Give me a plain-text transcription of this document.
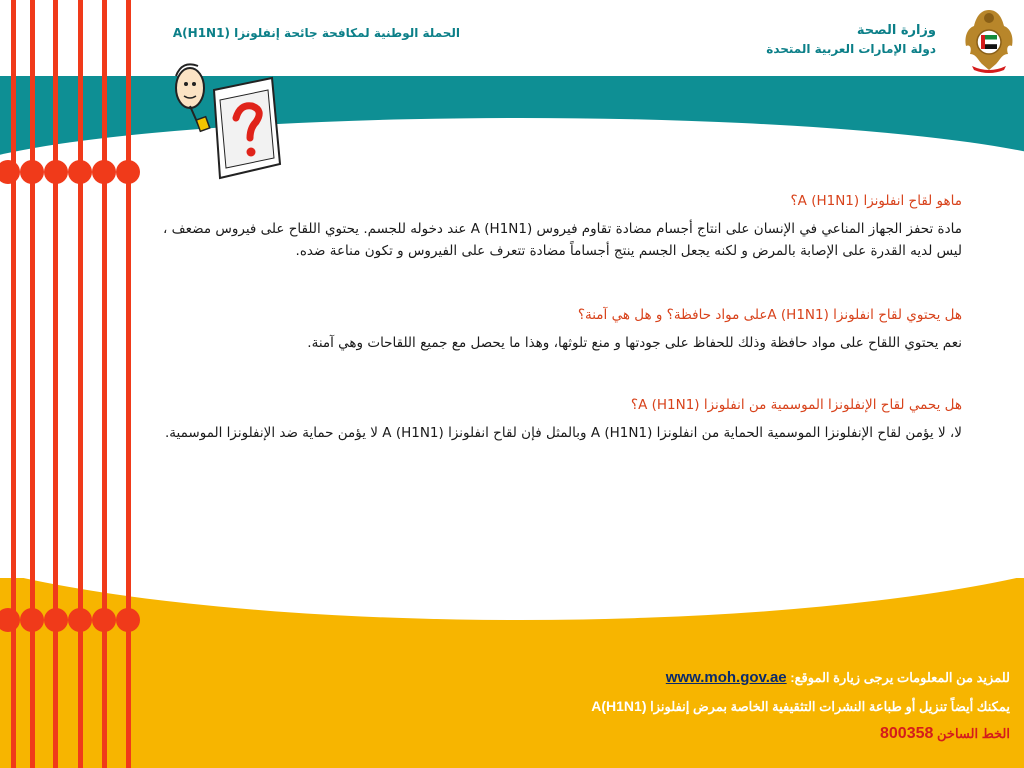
الحملة الوطنية لمكافحة جائحة إنفلونزا A(H1N1)	وزارة الصحة
دولة الإمارات العربية المتحدة

ماهو لقاح انفلونزا A (H1N1)؟

مادة تحفز الجهاز المناعي في الإنسان على انتاج أجسام مضادة تقاوم فيروس A (H1N1) عند دخوله للجسم. يحتوي اللقاح على فيروس مضعف ، ليس لديه القدرة على الإصابة بالمرض و لكنه يجعل الجسم ينتج أجساماً مضادة تتعرف على الفيروس و تكون مناعة ضده.

هل يحتوي لقاح انفلونزا A (H1N1)على مواد حافظة؟ و هل هي آمنة؟

نعم يحتوي اللقاح على مواد حافظة وذلك للحفاظ على جودتها و منع تلوثها، وهذا ما يحصل مع جميع اللقاحات وهي آمنة.

هل يحمي لقاح الإنفلونزا الموسمية من انفلونزا A (H1N1)؟

لا، لا يؤمن لقاح الإنفلونزا الموسمية الحماية من انفلونزا A (H1N1) وبالمثل فإن لقاح انفلونزا A (H1N1) لا يؤمن حماية ضد الإنفلونزا الموسمية.

للمزيد من المعلومات يرجى زيارة الموقع: www.moh.gov.ae
يمكنك أيضاً تنزيل أو طباعة النشرات التثقيفية الخاصة بمرض إنفلونزا A(H1N1)
الخط الساخن 800358
